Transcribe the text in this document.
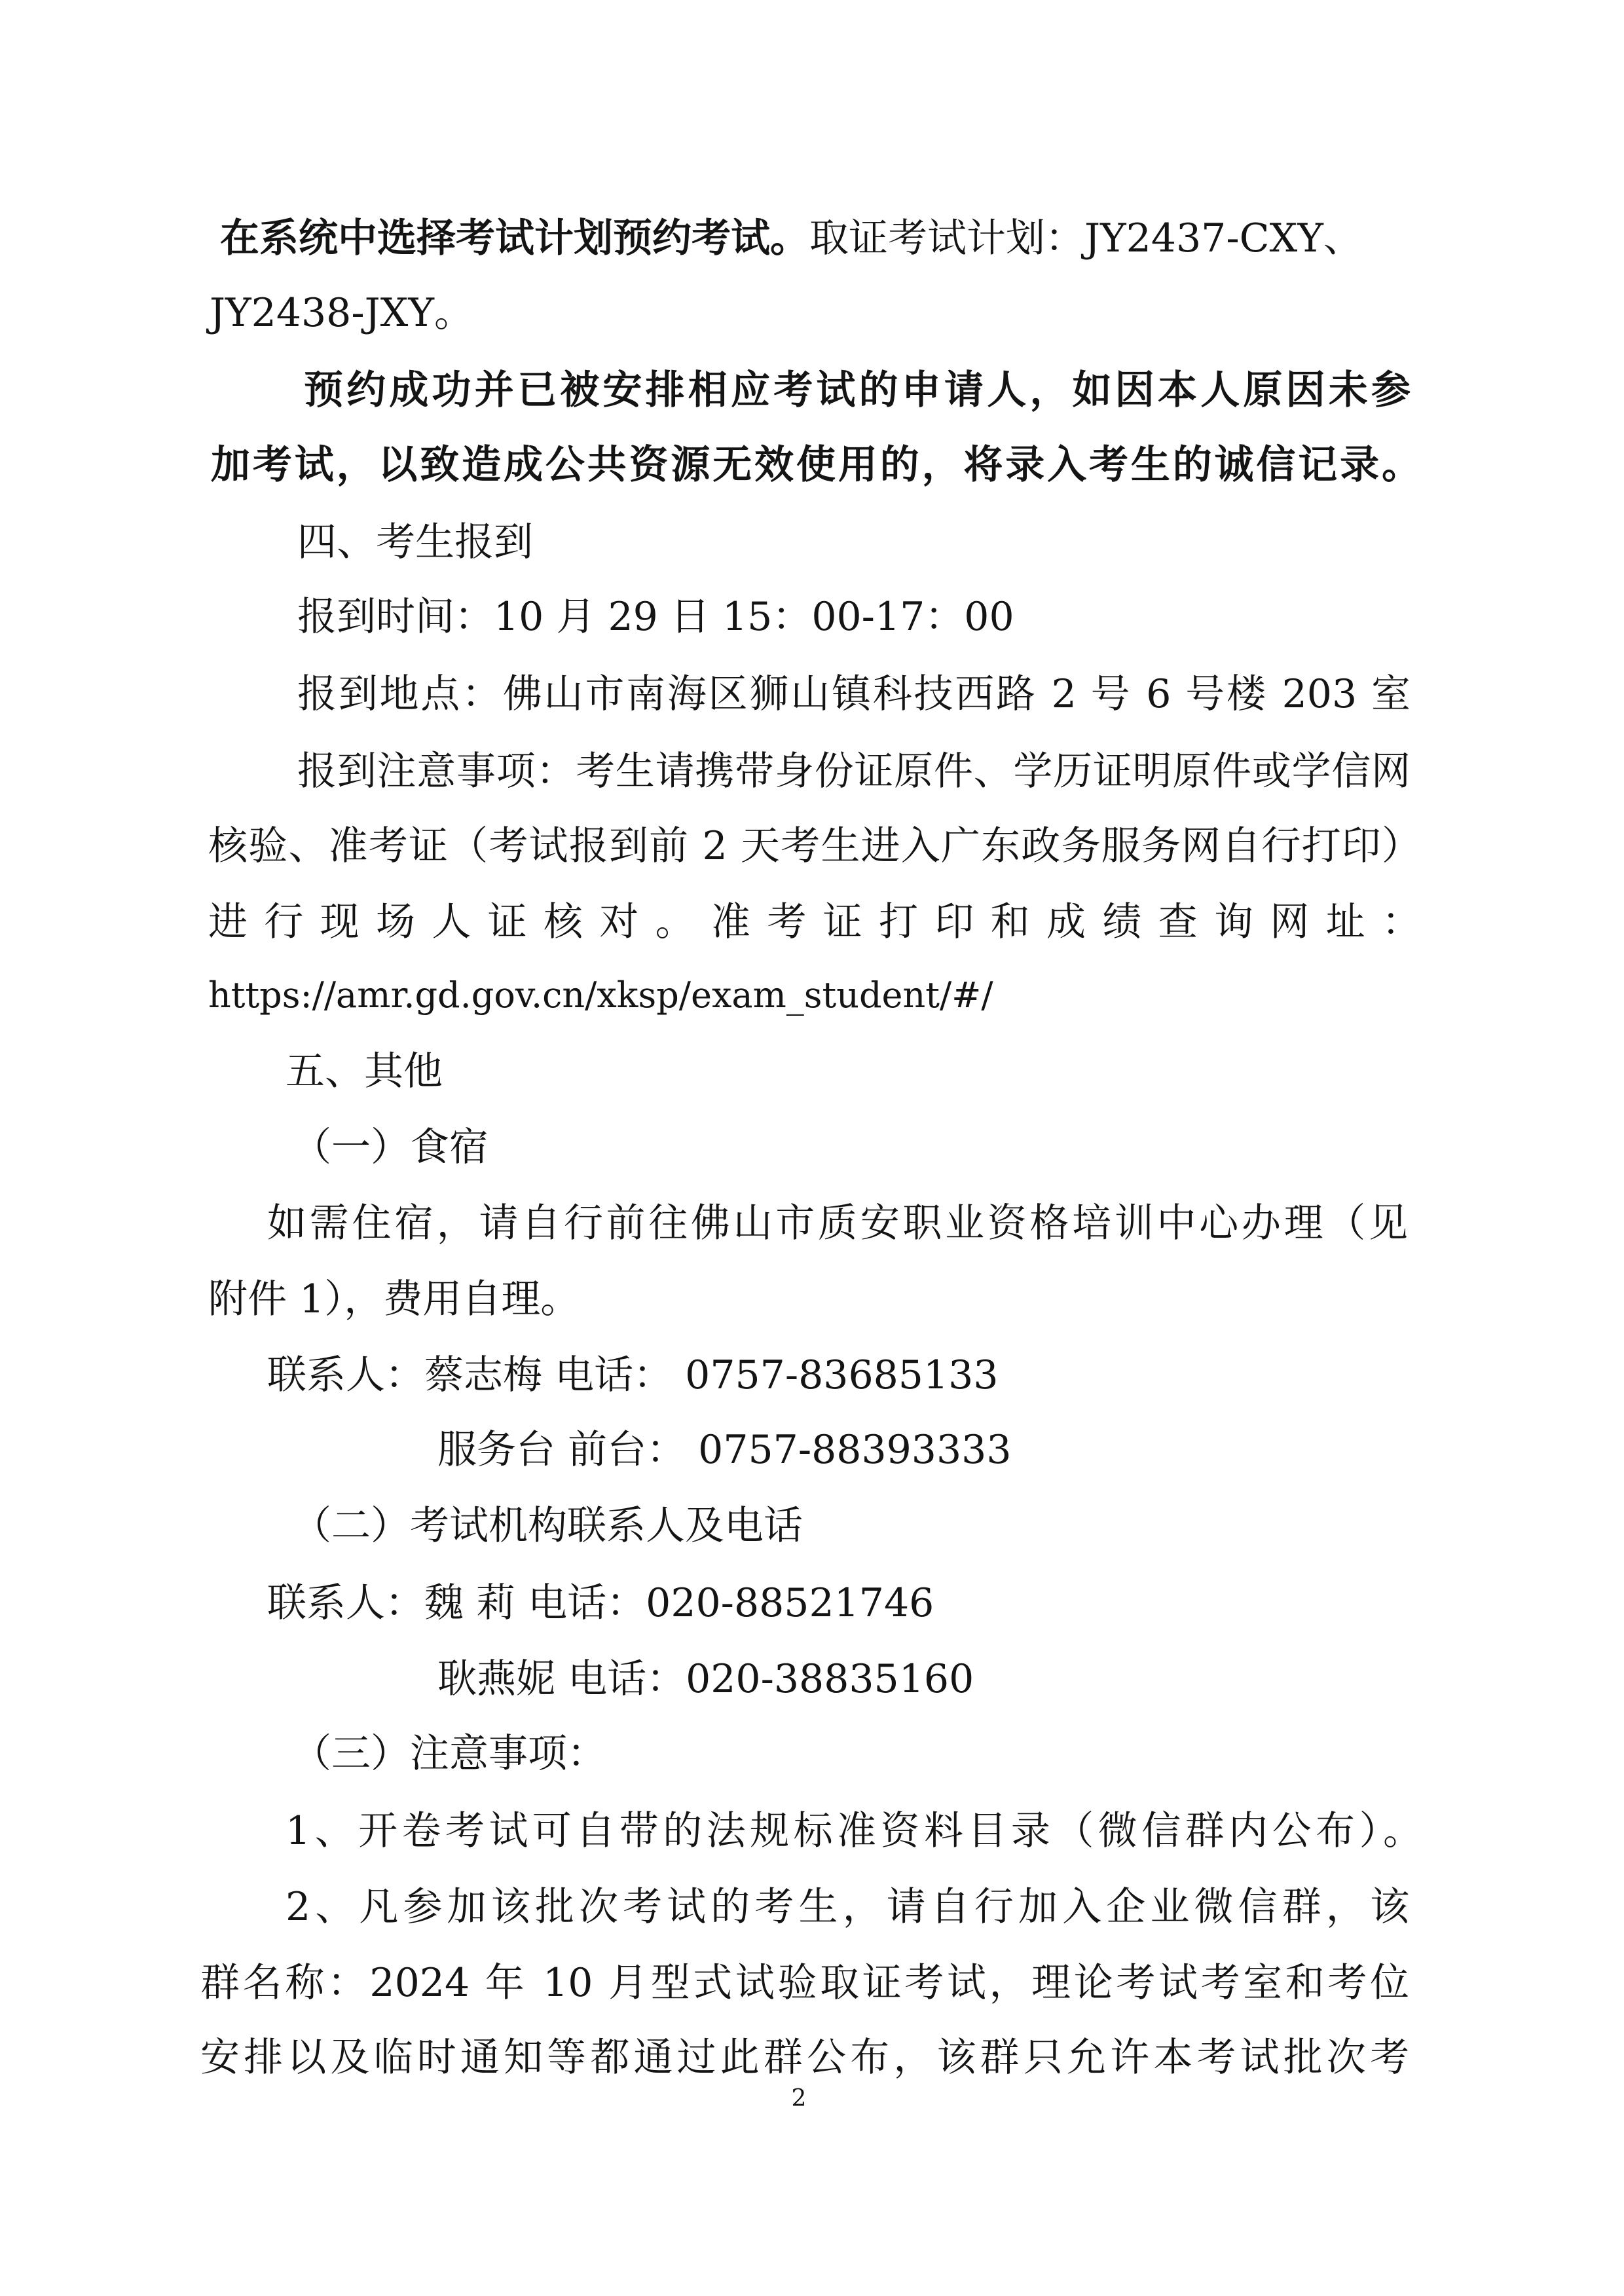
在系统中选择考试计划预约考试。取证考试计划：JY2437-CXY、
JY2438-JXY。
预约成功并已被安排相应考试的申请人，如因本人原因未参
加考试，以致造成公共资源无效使用的，将录入考生的诚信记录。
四、考生报到
报到时间：10 月 29 日 15：00-17：00
报到地点：佛山市南海区狮山镇科技西路 2 号 6 号楼 203 室
报到注意事项：考生请携带身份证原件、学历证明原件或学信网
核验、准考证（考试报到前 2 天考生进入广东政务服务网自行打印）
进行现场人证核对。准考证打印和成绩查询网址：
https://amr.gd.gov.cn/xksp/exam_student/#/
五、其他
（一）食宿
如需住宿，请自行前往佛山市质安职业资格培训中心办理（见
附件 1），费用自理。
联系人：蔡志梅 电话： 0757-83685133
服务台 前台： 0757-88393333
（二）考试机构联系人及电话
联系人：魏 莉 电话：020-88521746
耿燕妮 电话：020-38835160
（三）注意事项：
1、开卷考试可自带的法规标准资料目录（微信群内公布）。
2、凡参加该批次考试的考生，请自行加入企业微信群，该
群名称：2024 年 10 月型式试验取证考试，理论考试考室和考位
安排以及临时通知等都通过此群公布，该群只允许本考试批次考
2
